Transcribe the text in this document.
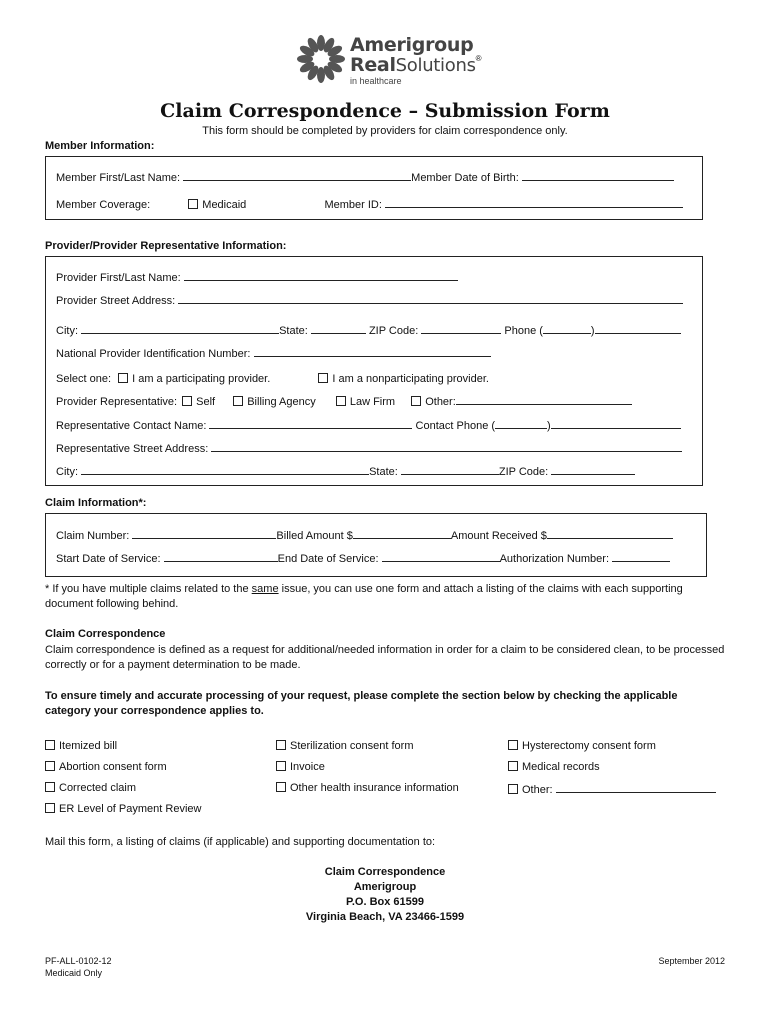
Amerigroup
RealSolutions®
in healthcare
Claim Correspondence – Submission Form
This form should be completed by providers for claim correspondence only.
Member Information:
Member First/Last Name:	Member Date of Birth:
Member Coverage:	Medicaid	Member ID:
Provider/Provider Representative Information:
Provider First/Last Name:
Provider Street Address:
City:	State:	ZIP Code:	Phone (	)
National Provider Identification Number:
Select one: I am a participating provider.	I am a nonparticipating provider.
Provider Representative: Self	Billing Agency	Law Firm	Other:
Representative Contact Name:	Contact Phone (	)
Representative Street Address:
City:	State:	ZIP Code:
Claim Information*:
Claim Number:	Billed Amount $	Amount Received $
Start Date of Service:	End Date of Service:	Authorization Number:
* If you have multiple claims related to the same issue, you can use one form and attach a listing of the claims with each supporting document following behind.
Claim Correspondence
Claim correspondence is defined as a request for additional/needed information in order for a claim to be considered clean, to be processed correctly or for a payment determination to be made.
To ensure timely and accurate processing of your request, please complete the section below by checking the applicable category your correspondence applies to.
Itemized bill	Sterilization consent form	Hysterectomy consent form
Abortion consent form	Invoice	Medical records
Corrected claim	Other health insurance information	Other:
ER Level of Payment Review
Mail this form, a listing of claims (if applicable) and supporting documentation to:
Claim Correspondence
Amerigroup
P.O. Box 61599
Virginia Beach, VA 23466-1599
PF-ALL-0102-12
Medicaid Only
September 2012
